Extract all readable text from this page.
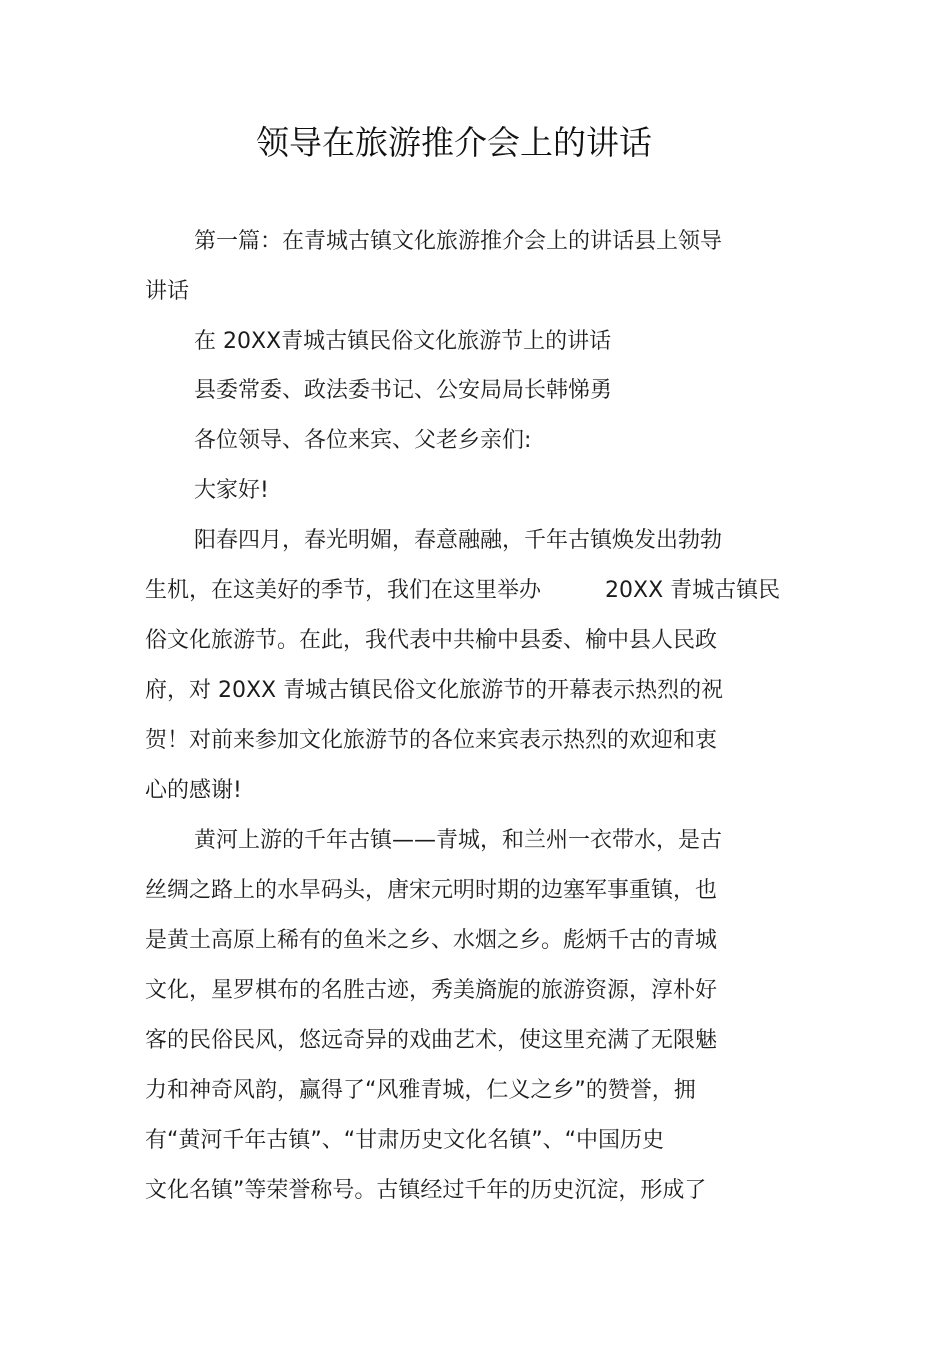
领导在旅游推介会上的讲话
第一篇：在青城古镇文化旅游推介会上的讲话县上领导
讲话
在 20XX青城古镇民俗文化旅游节上的讲话
县委常委、政法委书记、公安局局长韩悌勇
各位领导、各位来宾、父老乡亲们:
大家好!
阳春四月，春光明媚，春意融融，千年古镇焕发出勃勃
生机，在这美好的季节，我们在这里举办	20XX 青城古镇民
俗文化旅游节。在此，我代表中共榆中县委、榆中县人民政
府，对 20XX 青城古镇民俗文化旅游节的开幕表示热烈的祝
贺！对前来参加文化旅游节的各位来宾表示热烈的欢迎和衷
心的感谢!
黄河上游的千年古镇——青城，和兰州一衣带水，是古
丝绸之路上的水旱码头，唐宋元明时期的边塞军事重镇，也
是黄土高原上稀有的鱼米之乡、水烟之乡。彪炳千古的青城
文化，星罗棋布的名胜古迹，秀美旖旎的旅游资源，淳朴好
客的民俗民风，悠远奇异的戏曲艺术，使这里充满了无限魅
力和神奇风韵，赢得了“风雅青城，仁义之乡”的赞誉，拥
有“黄河千年古镇”、“甘肃历史文化名镇”、“中国历史
文化名镇”等荣誉称号。古镇经过千年的历史沉淀，形成了
